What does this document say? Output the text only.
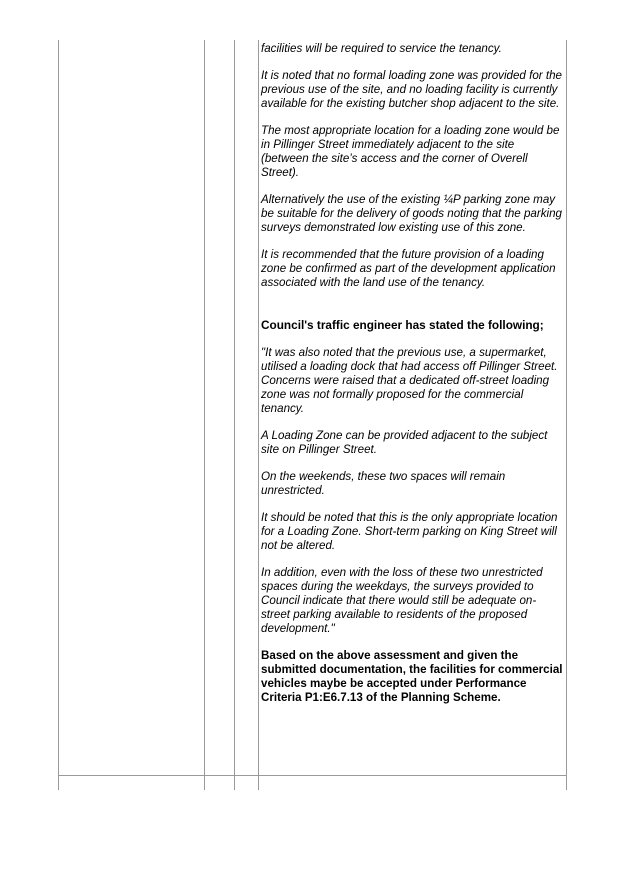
facilities will be required to service the tenancy.

It is noted that no formal loading zone was provided for the previous use of the site, and no loading facility is currently available for the existing butcher shop adjacent to the site.

The most appropriate location for a loading zone would be in Pillinger Street immediately adjacent to the site (between the site’s access and the corner of Overell Street).

Alternatively the use of the existing ¼P parking zone may be suitable for the delivery of goods noting that the parking surveys demonstrated low existing use of this zone.

It is recommended that the future provision of a loading zone be confirmed as part of the development application associated with the land use of the tenancy.

Council's traffic engineer has stated the following;

"It was also noted that the previous use, a supermarket, utilised a loading dock that had access off Pillinger Street. Concerns were raised that a dedicated off-street loading zone was not formally proposed for the commercial tenancy.

A Loading Zone can be provided adjacent to the subject site on Pillinger Street.

On the weekends, these two spaces will remain unrestricted.

It should be noted that this is the only appropriate location for a Loading Zone. Short-term parking on King Street will not be altered.

In addition, even with the loss of these two unrestricted spaces during the weekdays, the surveys provided to Council indicate that there would still be adequate on-street parking available to residents of the proposed development."

Based on the above assessment and given the submitted documentation, the facilities for commercial vehicles maybe be accepted under Performance Criteria P1:E6.7.13 of the Planning Scheme.
